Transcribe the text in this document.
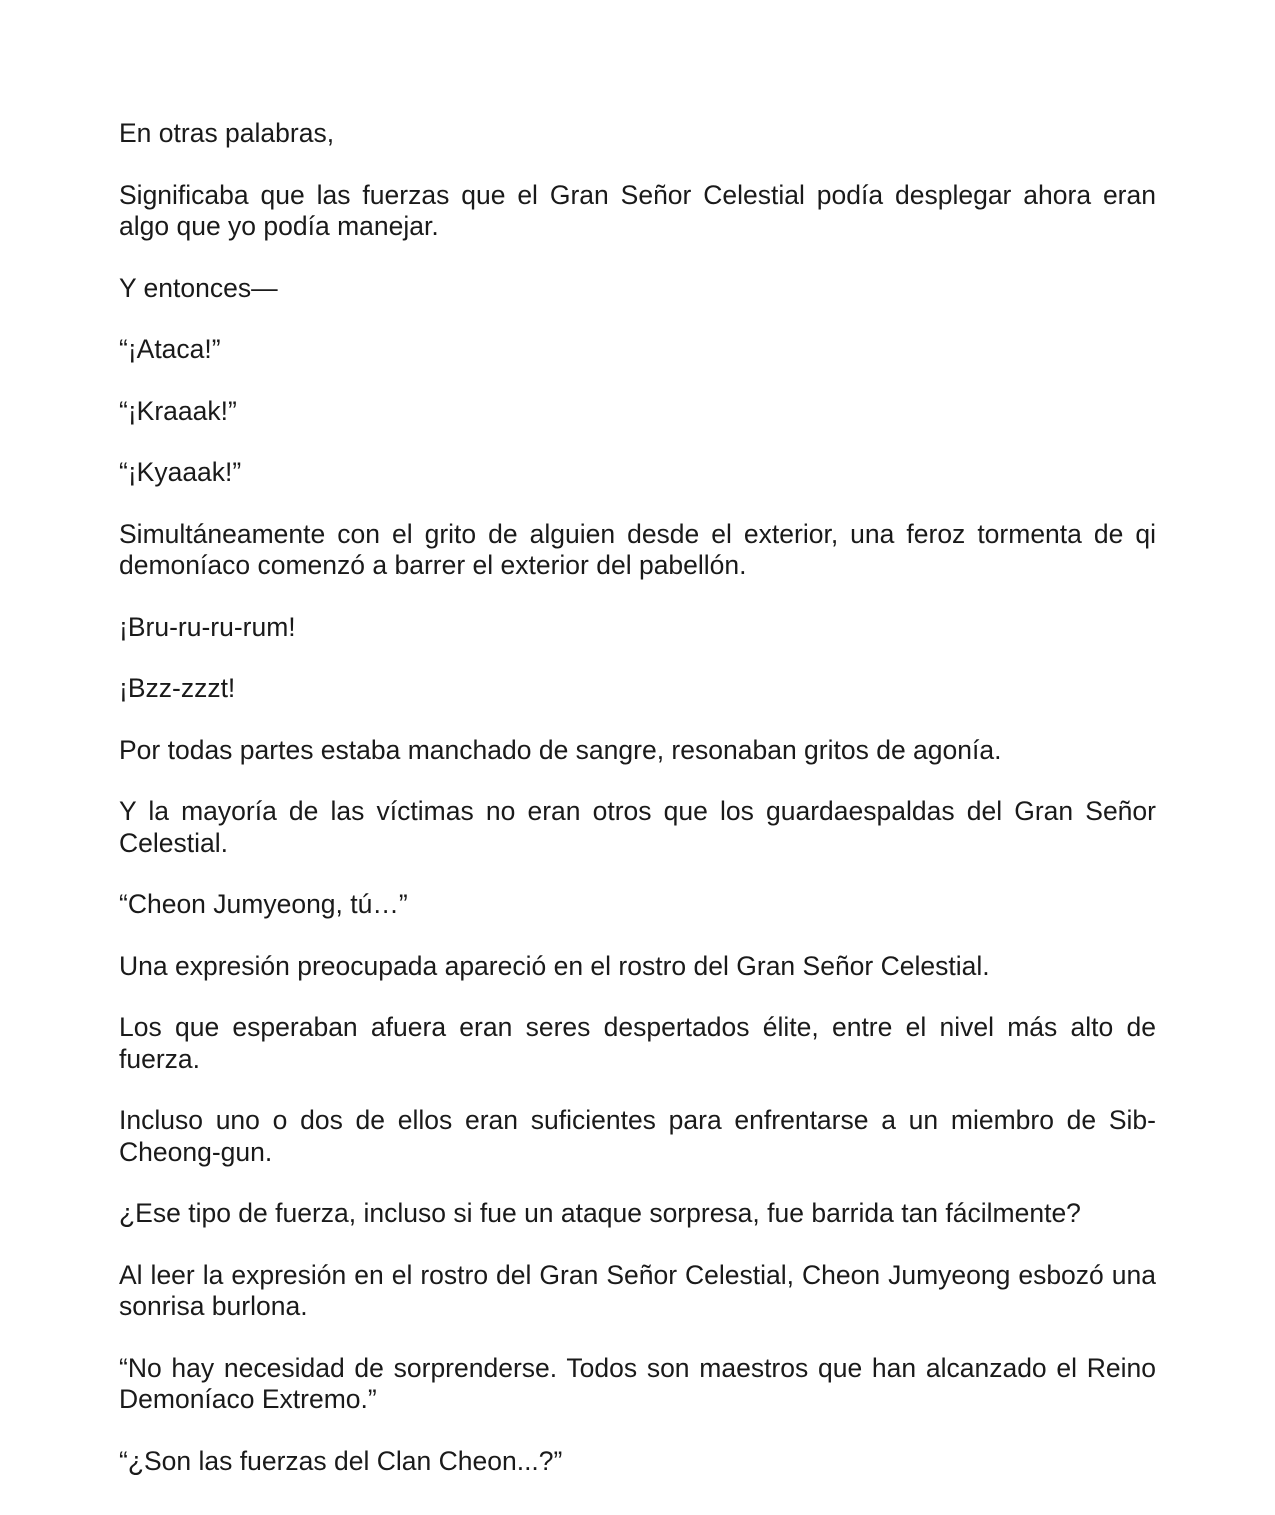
En otras palabras,

Significaba que las fuerzas que el Gran Señor Celestial podía desplegar ahora eran algo que yo podía manejar.

Y entonces—

“¡Ataca!”

“¡Kraaak!”

“¡Kyaaak!”

Simultáneamente con el grito de alguien desde el exterior, una feroz tormenta de qi demoníaco comenzó a barrer el exterior del pabellón.

¡Bru-ru-ru-rum!

¡Bzz-zzzt!

Por todas partes estaba manchado de sangre, resonaban gritos de agonía.

Y la mayoría de las víctimas no eran otros que los guardaespaldas del Gran Señor Celestial.

“Cheon Jumyeong, tú…”

Una expresión preocupada apareció en el rostro del Gran Señor Celestial.

Los que esperaban afuera eran seres despertados élite, entre el nivel más alto de fuerza.

Incluso uno o dos de ellos eran suficientes para enfrentarse a un miembro de Sib-Cheong-gun.

¿Ese tipo de fuerza, incluso si fue un ataque sorpresa, fue barrida tan fácilmente?

Al leer la expresión en el rostro del Gran Señor Celestial, Cheon Jumyeong esbozó una sonrisa burlona.

“No hay necesidad de sorprenderse. Todos son maestros que han alcanzado el Reino Demoníaco Extremo.”

“¿Son las fuerzas del Clan Cheon...?”
